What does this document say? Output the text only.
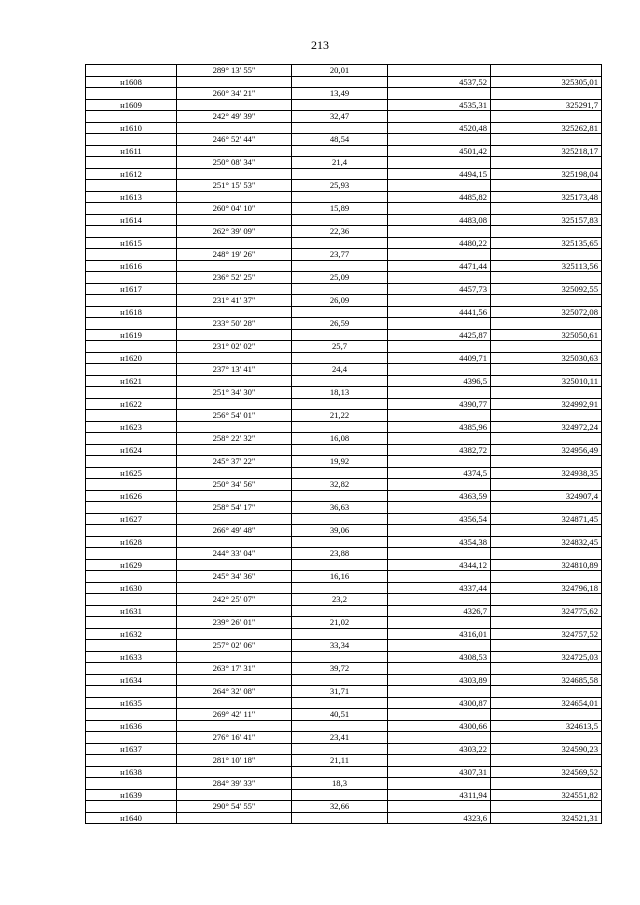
213
	289° 13' 55"	20,01		
н1608			4537,52	325305,01
	260° 34' 21"	13,49		
н1609			4535,31	325291,7
	242° 49' 39"	32,47		
н1610			4520,48	325262,81
	246° 52' 44"	48,54		
н1611			4501,42	325218,17
	250° 08' 34"	21,4		
н1612			4494,15	325198,04
	251° 15' 53"	25,93		
н1613			4485,82	325173,48
	260° 04' 10"	15,89		
н1614			4483,08	325157,83
	262° 39' 09"	22,36		
н1615			4480,22	325135,65
	248° 19' 26"	23,77		
н1616			4471,44	325113,56
	236° 52' 25"	25,09		
н1617			4457,73	325092,55
	231° 41' 37"	26,09		
н1618			4441,56	325072,08
	233° 50' 28"	26,59		
н1619			4425,87	325050,61
	231° 02' 02"	25,7		
н1620			4409,71	325030,63
	237° 13' 41"	24,4		
н1621			4396,5	325010,11
	251° 34' 30"	18,13		
н1622			4390,77	324992,91
	256° 54' 01"	21,22		
н1623			4385,96	324972,24
	258° 22' 32"	16,08		
н1624			4382,72	324956,49
	245° 37' 22"	19,92		
н1625			4374,5	324938,35
	250° 34' 56"	32,82		
н1626			4363,59	324907,4
	258° 54' 17"	36,63		
н1627			4356,54	324871,45
	266° 49' 48"	39,06		
н1628			4354,38	324832,45
	244° 33' 04"	23,88		
н1629			4344,12	324810,89
	245° 34' 36"	16,16		
н1630			4337,44	324796,18
	242° 25' 07"	23,2		
н1631			4326,7	324775,62
	239° 26' 01"	21,02		
н1632			4316,01	324757,52
	257° 02' 06"	33,34		
н1633			4308,53	324725,03
	263° 17' 31"	39,72		
н1634			4303,89	324685,58
	264° 32' 08"	31,71		
н1635			4300,87	324654,01
	269° 42' 11"	40,51		
н1636			4300,66	324613,5
	276° 16' 41"	23,41		
н1637			4303,22	324590,23
	281° 10' 18"	21,11		
н1638			4307,31	324569,52
	284° 39' 33"	18,3		
н1639			4311,94	324551,82
	290° 54' 55"	32,66		
н1640			4323,6	324521,31
